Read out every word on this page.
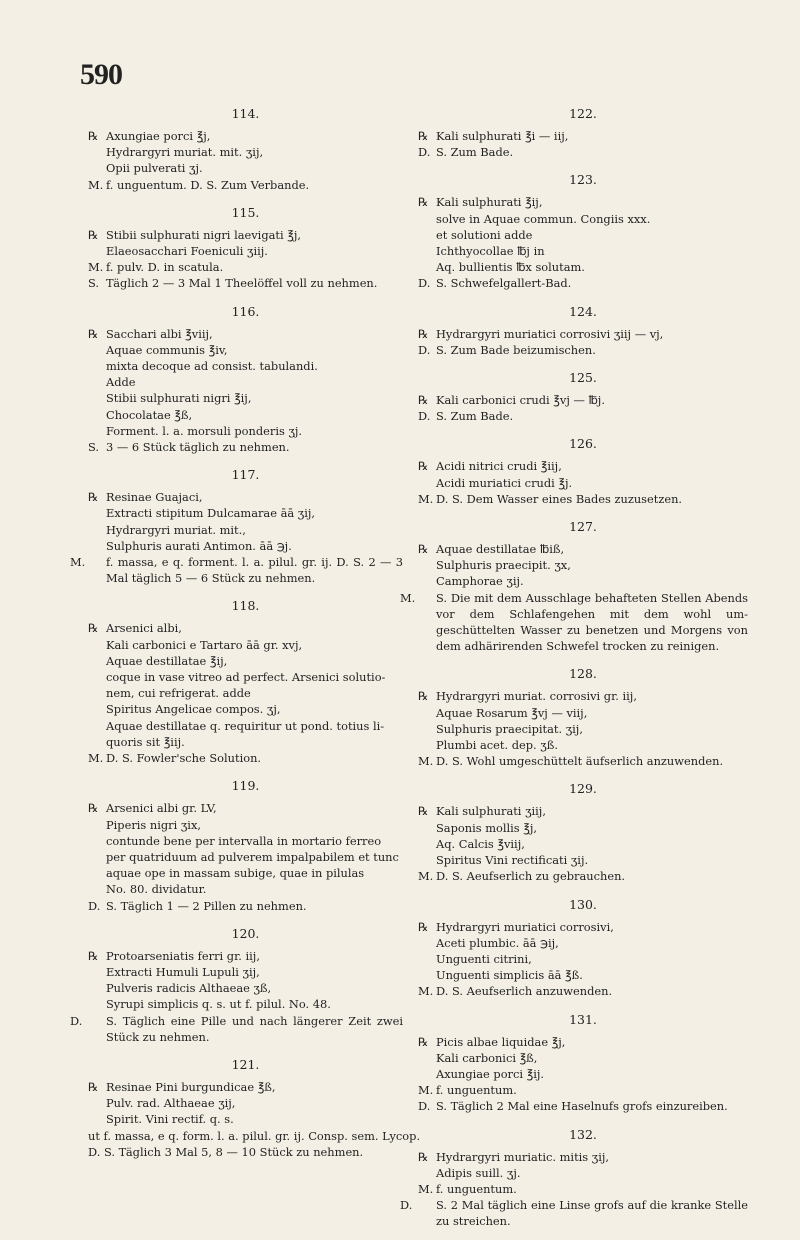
590
114.
℞ Axungiae porci ℥j,
Hydrargyri muriat. mit. ʒij,
Opii pulverati ʒj.
M. f. unguentum. D. S. Zum Verbande.
115.
℞ Stibii sulphurati nigri laevigati ℥j,
Elaeosacchari Foeniculi ʒiij.
M. f. pulv. D. in scatula.
S. Täglich 2 — 3 Mal 1 Theelöffel voll zu nehmen.
116.
℞ Sacchari albi ℥viij,
Aquae communis ℥iv,
mixta decoque ad consist. tabulandi.
Adde
Stibii sulphurati nigri ℥ij,
Chocolatae ℥ß,
Forment. l. a. morsuli ponderis ʒj.
S. 3 — 6 Stück täglich zu nehmen.
117.
℞ Resinae Guajaci,
Extracti stipitum Dulcamarae āā ʒij,
Hydrargyri muriat. mit.,
Sulphuris aurati Antimon. āā ℈j.
M. f. massa, e q. forment. l. a. pilul. gr. ij. D. S. 2 — 3 Mal täglich 5 — 6 Stück zu nehmen.
118.
℞ Arsenici albi,
Kali carbonici e Tartaro āā gr. xvj,
Aquae destillatae ℥ij,
coque in vase vitreo ad perfect. Arsenici solutio-
nem, cui refrigerat. adde
Spiritus Angelicae compos. ʒj,
Aquae destillatae q. requiritur ut pond. totius li-
quoris sit ℥iij.
M. D. S. Fowler'sche Solution.
119.
℞ Arsenici albi gr. LV,
Piperis nigri ʒix,
contunde bene per intervalla in mortario ferreo
per quatriduum ad pulverem impalpabilem et tunc
aquae ope in massam subige, quae in pilulas
No. 80. dividatur.
D. S. Täglich 1 — 2 Pillen zu nehmen.
120.
℞ Protoarseniatis ferri gr. iij,
Extracti Humuli Lupuli ʒij,
Pulveris radicis Althaeae ʒß,
Syrupi simplicis q. s. ut f. pilul. No. 48.
D. S. Täglich eine Pille und nach längerer Zeit zwei Stück zu nehmen.
121.
℞ Resinae Pini burgundicae ℥ß,
Pulv. rad. Althaeae ʒij,
Spirit. Vini rectif. q. s.
ut f. massa, e q. form. l. a. pilul. gr. ij. Consp. sem. Lycop.
D. S. Täglich 3 Mal 5, 8 — 10 Stück zu nehmen.
122.
℞ Kali sulphurati ℥i — iij,
D. S. Zum Bade.
123.
℞ Kali sulphurati ℥ij,
solve in Aquae commun. Congiis xxx.
et solutioni adde
Ichthyocollae ℔j in
Aq. bullientis ℔x solutam.
D. S. Schwefelgallert-Bad.
124.
℞ Hydrargyri muriatici corrosivi ʒiij — vj,
D. S. Zum Bade beizumischen.
125.
℞ Kali carbonici crudi ℥vj — ℔j.
D. S. Zum Bade.
126.
℞ Acidi nitrici crudi ℥iij,
Acidi muriatici crudi ℥j.
M. D. S. Dem Wasser eines Bades zuzusetzen.
127.
℞ Aquae destillatae ℔iß,
Sulphuris praecipit. ʒx,
Camphorae ʒij.
M. S. Die mit dem Ausschlage behafteten Stellen Abends vor dem Schlafengehen mit dem wohl um- geschüttelten Wasser zu benetzen und Morgens von dem adhärirenden Schwefel trocken zu reinigen.
128.
℞ Hydrargyri muriat. corrosivi gr. iij,
Aquae Rosarum ℥vj — viij,
Sulphuris praecipitat. ʒij,
Plumbi acet. dep. ʒß.
M. D. S. Wohl umgeschüttelt äufserlich anzuwenden.
129.
℞ Kali sulphurati ʒiij,
Saponis mollis ℥j,
Aq. Calcis ℥viij,
Spiritus Vini rectificati ʒij.
M. D. S. Aeufserlich zu gebrauchen.
130.
℞ Hydrargyri muriatici corrosivi,
Aceti plumbic. āā ℈ij,
Unguenti citrini,
Unguenti simplicis āā ℥ß.
M. D. S. Aeufserlich anzuwenden.
131.
℞ Picis albae liquidae ℥j,
Kali carbonici ℥ß,
Axungiae porci ℥ij.
M. f. unguentum.
D. S. Täglich 2 Mal eine Haselnufs grofs einzureiben.
132.
℞ Hydrargyri muriatic. mitis ʒij,
Adipis suill. ʒj.
M. f. unguentum.
D. S. 2 Mal täglich eine Linse grofs auf die kranke Stelle zu streichen.
